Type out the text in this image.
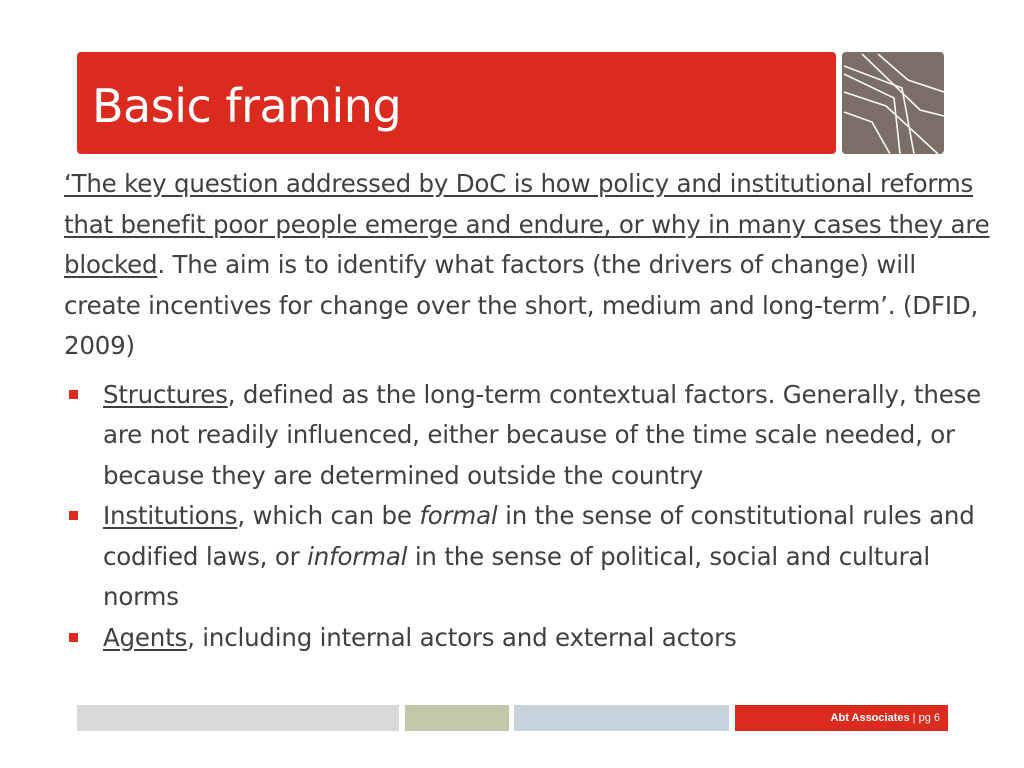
Basic framing

‘The key question addressed by DoC is how policy and institutional reforms that benefit poor people emerge and endure, or why in many cases they are blocked. The aim is to identify what factors (the drivers of change) will create incentives for change over the short, medium and long-term’. (DFID, 2009)

Structures, defined as the long-term contextual factors. Generally, these are not readily influenced, either because of the time scale needed, or because they are determined outside the country
Institutions, which can be formal in the sense of constitutional rules and codified laws, or informal in the sense of political, social and cultural norms
Agents, including internal actors and external actors
Abt Associates | pg 6
